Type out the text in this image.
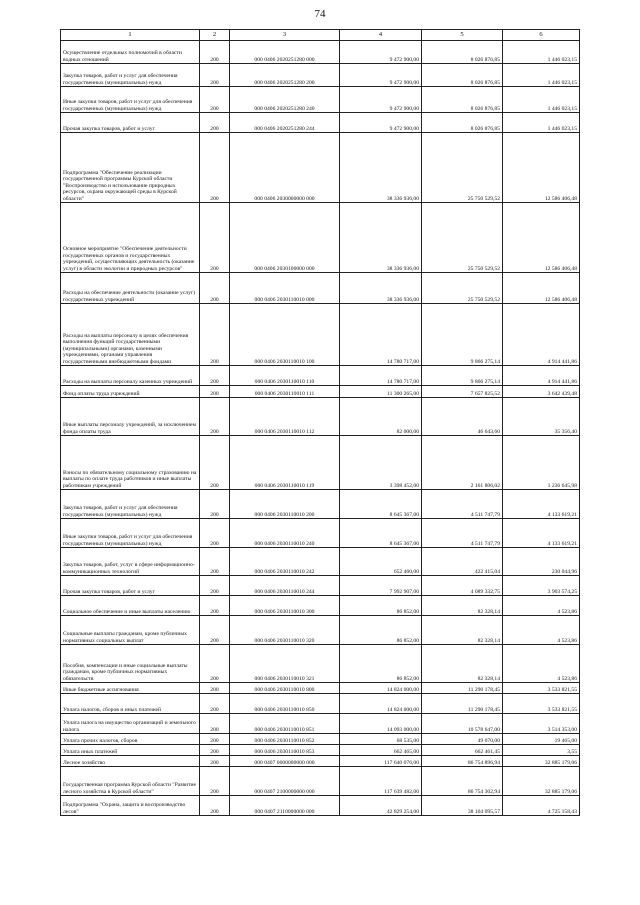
74
1	2	3	4	5	6
Осуществление отдельных полномочий в области водных отношений	200	000 0406 2020251280 000	9 472 900,00	8 026 876,85	1 446 023,15
Закупка товаров, работ и услуг для обеспечения государственных (муниципальных) нужд	200	000 0406 2020251280 200	9 472 900,00	8 026 876,85	1 446 023,15
Иные закупки товаров, работ и услуг для обеспечения государственных (муниципальных) нужд	200	000 0406 2020251280 240	9 472 900,00	8 026 876,85	1 446 023,15
Прочая закупка товаров, работ и услуг	200	000 0406 2020251280 244	9 472 900,00	8 026 876,85	1 446 023,15
Подпрограмма "Обеспечение реализации государственной программы Курской области "Воспроизводство и использование природных ресурсов, охрана окружающей среды в Курской области"	200	000 0406 2030000000 000	38 336 936,00	25 750 529,52	12 586 406,48
Основное мероприятие "Обеспечение деятельности государственных органов и государственных учреждений, осуществляющих деятельность (оказание услуг) в области экологии и природных ресурсов"	200	000 0406 2030100000 000	38 336 936,00	25 750 529,52	12 586 406,48
Расходы на обеспечение деятельности (оказание услуг) государственных учреждений	200	000 0406 2030110010 000	38 336 936,00	25 750 529,52	12 586 406,48
Расходы на выплаты персоналу в целях обеспечения выполнения функций государственными (муниципальными) органами, казенными учреждениями, органами управления государственными внебюджетными фондами	200	000 0406 2030110010 100	14 780 717,00	9 866 275,14	4 914 441,86
Расходы на выплаты персоналу казенных учреждений	200	000 0406 2030110010 110	14 780 717,00	9 866 275,14	4 914 441,86
Фонд оплаты труда учреждений	200	000 0406 2030110010 111	11 300 265,00	7 657 825,52	3 642 439,48
Иные выплаты персоналу учреждений, за исключением фонда оплаты труда	200	000 0406 2030110010 112	82 000,00	46 643,60	35 356,40
Взносы по обязательному социальному страхованию на выплаты по оплате труда работников и иные выплаты работникам учреждений	200	000 0406 2030110010 119	3 398 452,00	2 161 806,02	1 236 645,98
Закупка товаров, работ и услуг для обеспечения государственных (муниципальных) нужд	200	000 0406 2030110010 200	8 645 367,00	4 511 747,79	4 133 619,21
Иные закупки товаров, работ и услуг для обеспечения государственных (муниципальных) нужд	200	000 0406 2030110010 240	8 645 367,00	4 511 747,79	4 133 619,21
Закупка товаров, работ, услуг в сфере информационно-коммуникационных технологий	200	000 0406 2030110010 242	652 460,00	422 415,04	230 044,96
Прочая закупка товаров, работ и услуг	200	000 0406 2030110010 244	7 992 907,00	4 089 332,75	3 903 574,25
Социальное обеспечение и иные выплаты населению	200	000 0406 2030110010 300	86 852,00	82 328,14	4 523,86
Социальные выплаты гражданам, кроме публичных нормативных социальных выплат	200	000 0406 2030110010 320	86 852,00	82 328,14	4 523,86
Пособия, компенсации и иные социальные выплаты гражданам, кроме публичных нормативных обязательств	200	000 0406 2030110010 321	86 852,00	82 328,14	4 523,86
Иные бюджетные ассигнования	200	000 0406 2030110010 800	14 824 000,00	11 290 178,45	3 533 821,55
Уплата налогов, сборов и иных платежей	200	000 0406 2030110010 850	14 824 000,00	11 290 178,45	3 533 821,55
Уплата налога на имущество организаций и земельного налога	200	000 0406 2030110010 851	14 093 000,00	10 578 647,00	3 514 353,00
Уплата прочих налогов, сборов	200	000 0406 2030110010 852	68 535,00	49 070,00	19 465,00
Уплата иных платежей	200	000 0406 2030110010 853	662 465,00	662 461,45	3,55
Лесное хозяйство	200	000 0407 0000000000 000	117 640 076,00	86 754 896,94	32 885 179,06
Государственная программа Курской области "Развитие лесного хозяйства в Курской области"	200	000 0407 2100000000 000	117 639 482,00	86 754 302,94	32 885 179,06
Подпрограмма "Охрана, защита и воспроизводство лесов"	200	000 0407 2110000000 000	42 829 254,00	38 104 095,57	4 725 158,43
